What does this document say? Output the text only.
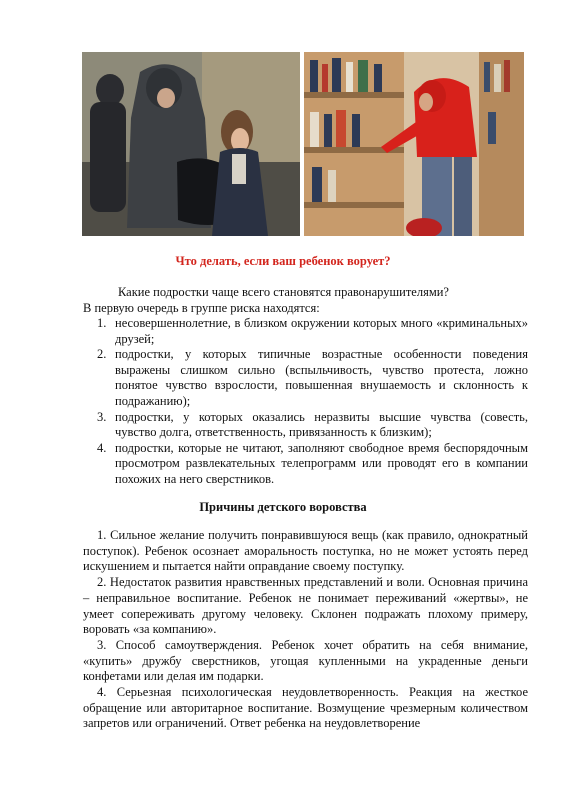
Что делать, если ваш ребенок ворует?

Какие подростки чаще всего становятся правонарушителями?

В первую очередь в группе риска находятся:

1. несовершеннолетние, в близком окружении которых много «криминальных» друзей;
2. подростки, у которых типичные возрастные особенности поведения выражены слишком сильно (вспыльчивость, чувство протеста, ложно понятое чувство взрослости, повышенная внушаемость и склонность к подражанию);
3. подростки, у которых оказались неразвиты высшие чувства (совесть, чувство долга, ответственность, привязанность к близким);
4. подростки, которые не читают, заполняют свободное время беспорядочным просмотром развлекательных телепрограмм или проводят его в компании похожих на него сверстников.
Причины детского воровства

1. Сильное желание получить понравившуюся вещь (как правило, однократный поступок). Ребенок осознает аморальность поступка, но не может устоять перед искушением и пытается найти оправдание своему поступку.

2. Недостаток развития нравственных представлений и воли. Основная причина – неправильное воспитание. Ребенок не понимает переживаний «жертвы», не умеет сопереживать другому человеку. Склонен подражать плохому примеру, воровать «за компанию».

3. Способ самоутверждения. Ребенок хочет обратить на себя внимание, «купить» дружбу сверстников, угощая купленными на украденные деньги конфетами или делая им подарки.

4. Серьезная психологическая неудовлетворенность. Реакция на жесткое обращение или авторитарное воспитание. Возмущение чрезмерным количеством запретов или ограничений. Ответ ребенка на неудовлетворение
